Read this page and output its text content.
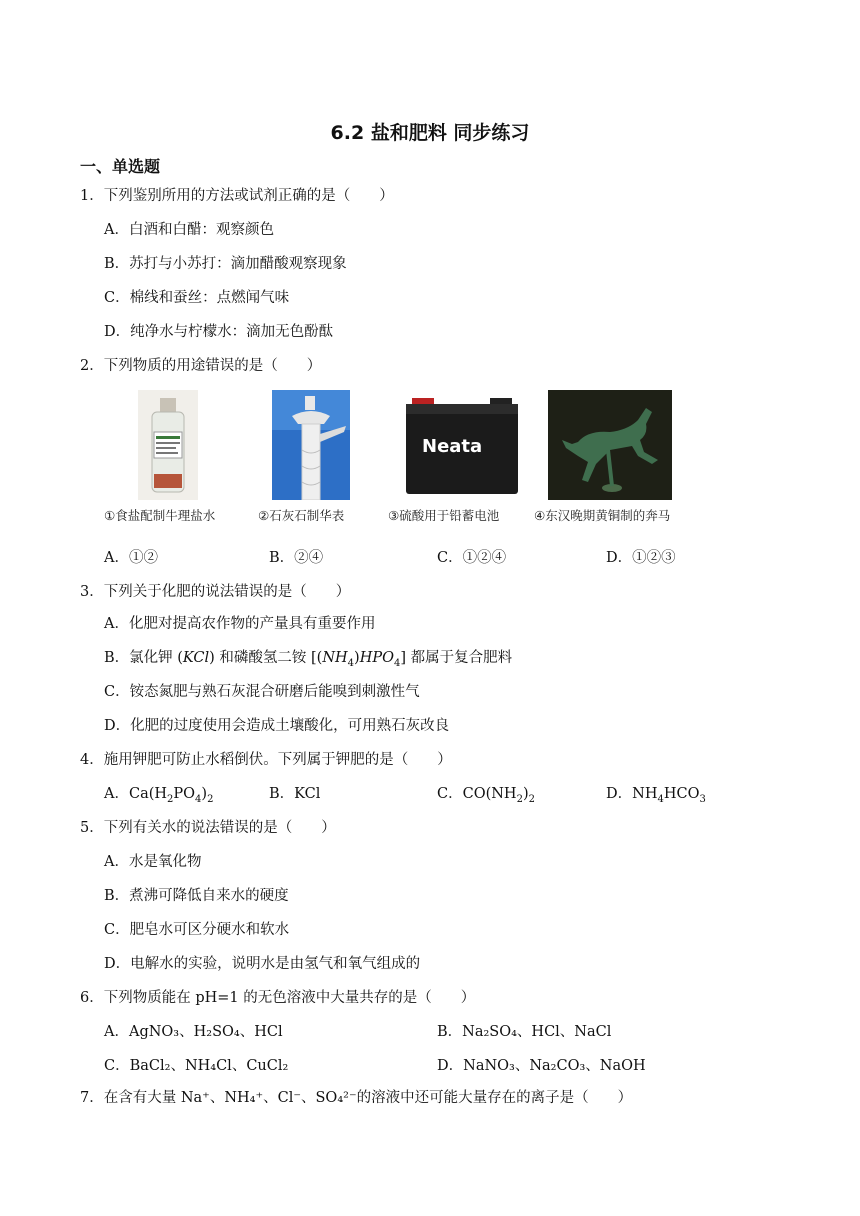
6.2 盐和肥料 同步练习
一、单选题
1．下列鉴别所用的方法或试剂正确的是（　　）
A．白酒和白醋：观察颜色
B．苏打与小苏打：滴加醋酸观察现象
C．棉线和蚕丝：点燃闻气味
D．纯净水与柠檬水：滴加无色酚酞
2．下列物质的用途错误的是（　　）
Neata
①食盐配制牛理盐水	②石灰石制华表	③硫酸用于铅蓄电池	④东汉晚期黄铜制的奔马
A．①②	B．②④	C．①②④	D．①②③
3．下列关于化肥的说法错误的是（　　）
A．化肥对提高农作物的产量具有重要作用
B．氯化钾 (KCl) 和磷酸氢二铵 $[(NH_4)HPO_4]$ 都属于复合肥料
C．铵态氮肥与熟石灰混合研磨后能嗅到刺激性气
D．化肥的过度使用会造成土壤酸化，可用熟石灰改良
4．施用钾肥可防止水稻倒伏。下列属于钾肥的是（　　）
A．$Ca(H_2PO_4)_2$	B．KCl	C．$CO(NH_2)_2$	D．$NH_4HCO_3$
5．下列有关水的说法错误的是（　　）
A．水是氧化物
B．煮沸可降低自来水的硬度
C．肥皂水可区分硬水和软水
D．电解水的实验，说明水是由氢气和氧气组成的
6．下列物质能在 pH=1 的无色溶液中大量共存的是（　　）
A．AgNO₃、H₂SO₄、HCl	B．Na₂SO₄、HCl、NaCl
C．BaCl₂、NH₄Cl、CuCl₂	D．NaNO₃、Na₂CO₃、NaOH
7．在含有大量 Na⁺、NH₄⁺、Cl⁻、SO₄²⁻的溶液中还可能大量存在的离子是（　　）
